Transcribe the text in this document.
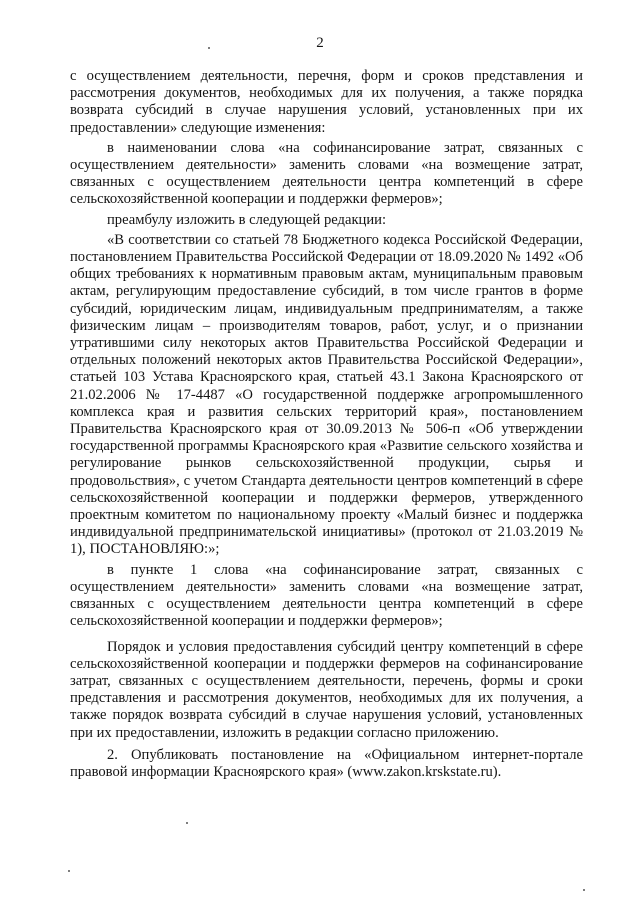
2

с осуществлением деятельности, перечня, форм и сроков представления и рассмотрения документов, необходимых для их получения, а также порядка возврата субсидий в случае нарушения условий, установленных при их предоставлении» следующие изменения:

в наименовании слова «на софинансирование затрат, связанных с осуществлением деятельности» заменить словами «на возмещение затрат, связанных с осуществлением деятельности центра компетенций в сфере сельскохозяйственной кооперации и поддержки фермеров»;

преамбулу изложить в следующей редакции:

«В соответствии со статьей 78 Бюджетного кодекса Российской Федерации, постановлением Правительства Российской Федерации от 18.09.2020 № 1492 «Об общих требованиях к нормативным правовым актам, муниципальным правовым актам, регулирующим предоставление субсидий, в том числе грантов в форме субсидий, юридическим лицам, индивидуальным предпринимателям, а также физическим лицам – производителям товаров, работ, услуг, и о признании утратившими силу некоторых актов Правительства Российской Федерации и отдельных положений некоторых актов Правительства Российской Федерации», статьей 103 Устава Красноярского края, статьей 43.1 Закона Красноярского от 21.02.2006 № 17-4487 «О государственной поддержке агропромышленного комплекса края и развития сельских территорий края», постановлением Правительства Красноярского края от 30.09.2013 № 506-п «Об утверждении государственной программы Красноярского края «Развитие сельского хозяйства и регулирование рынков сельскохозяйственной продукции, сырья и продовольствия», с учетом Стандарта деятельности центров компетенций в сфере сельскохозяйственной кооперации и поддержки фермеров, утвержденного проектным комитетом по национальному проекту «Малый бизнес и поддержка индивидуальной предпринимательской инициативы» (протокол от 21.03.2019 № 1), ПОСТАНОВЛЯЮ:»;

в пункте 1 слова «на софинансирование затрат, связанных с осуществлением деятельности» заменить словами «на возмещение затрат, связанных с осуществлением деятельности центра компетенций в сфере сельскохозяйственной кооперации и поддержки фермеров»;

Порядок и условия предоставления субсидий центру компетенций в сфере сельскохозяйственной кооперации и поддержки фермеров на софинансирование затрат, связанных с осуществлением деятельности, перечень, формы и сроки представления и рассмотрения документов, необходимых для их получения, а также порядок возврата субсидий в случае нарушения условий, установленных при их предоставлении, изложить в редакции согласно приложению.

2. Опубликовать постановление на «Официальном интернет-портале правовой информации Красноярского края» (www.zakon.krskstate.ru).
